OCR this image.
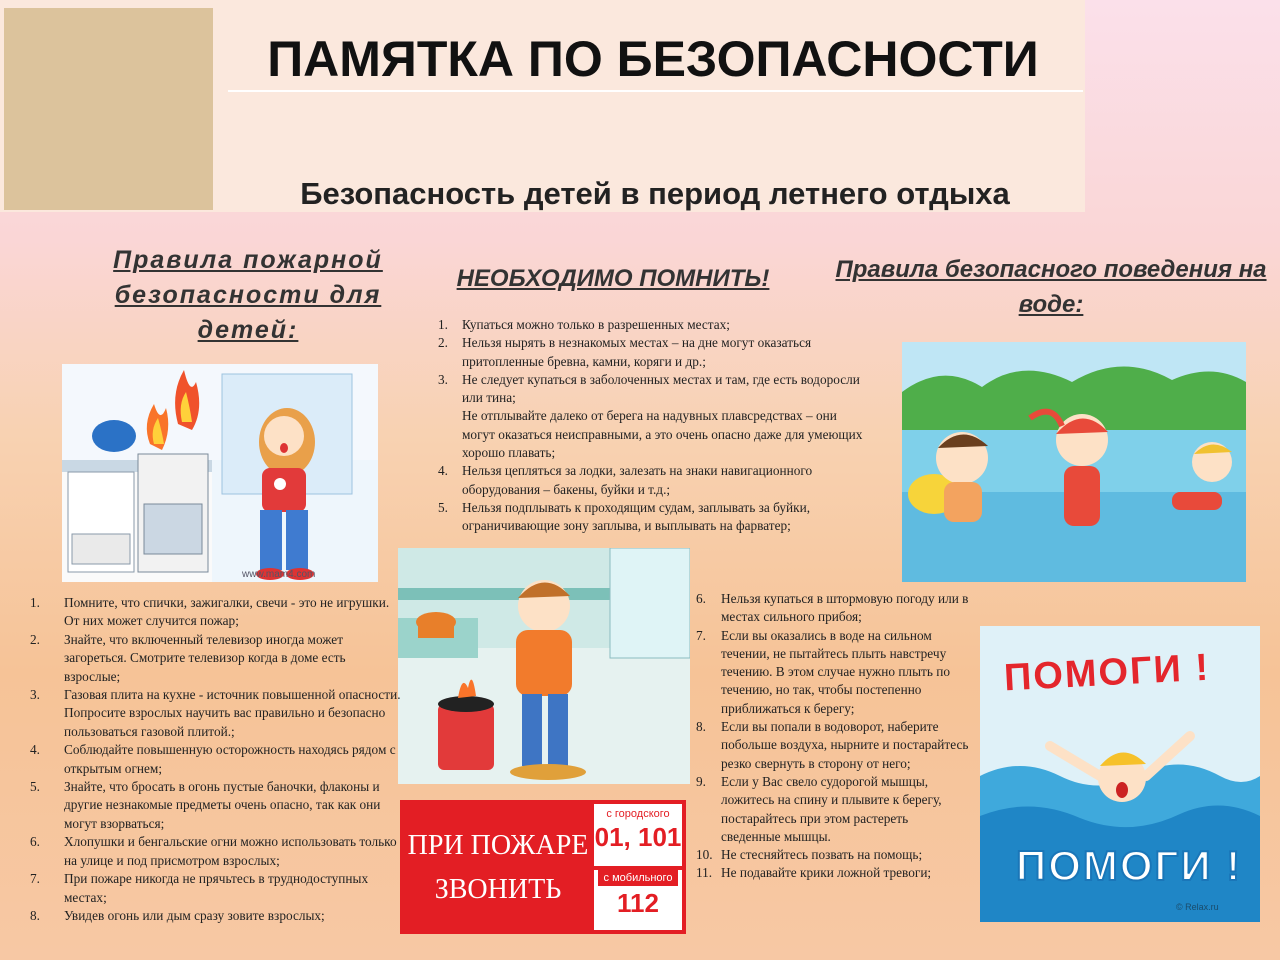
ПАМЯТКА ПО БЕЗОПАСНОСТИ
Безопасность детей в период летнего отдыха
Правила пожарной безопасности для детей:
НЕОБХОДИМО ПОМНИТЬ!	Правила безопасного поведения на воде:
www.mam4.com
1. Купаться можно только в разрешенных местах;
2. Нельзя нырять в незнакомых местах – на дне могут оказаться притопленные бревна, камни, коряги и др.;
3. Не следует купаться в заболоченных местах и там, где есть водоросли или тина;
Не отплывайте далеко от берега на надувных плавсредствах – они могут оказаться неисправными, а это очень опасно даже для умеющих хорошо плавать;
4. Нельзя цепляться за лодки, залезать на знаки навигационного оборудования – бакены, буйки и т.д.;
5. Нельзя подплывать к проходящим судам, заплывать за буйки, ограничивающие зону заплыва, и выплывать на фарватер;
ПРИ ПОЖАРЕ
ЗВОНИТЬ
с городского
01, 101
с мобильного
112
1. Помните, что спички, зажигалки, свечи - это не игрушки. От них может случится пожар;
2. Знайте, что включенный телевизор иногда может загореться. Смотрите телевизор когда в доме есть взрослые;
3. Газовая плита на кухне - источник повышенной опасности. Попросите взрослых научить вас правильно и безопасно пользоваться газовой плитой.;
4. Соблюдайте повышенную осторожность находясь рядом с открытым огнем;
5. Знайте, что бросать в огонь пустые баночки, флаконы и другие незнакомые предметы очень опасно, так как они могут взорваться;
6. Хлопушки и бенгальские огни можно использовать только на улице и под присмотром взрослых;
7. При пожаре никогда не прячьтесь в труднодоступных местах;
8. Увидев огонь или дым сразу зовите взрослых;
6. Нельзя купаться в штормовую погоду или в местах сильного прибоя;
7. Если вы оказались в воде на сильном течении, не пытайтесь плыть навстречу течению. В этом случае нужно плыть по течению, но так, чтобы постепенно приближаться к берегу;
8. Если вы попали в водоворот, наберите побольше воздуха, нырните и постарайтесь резко свернуть в сторону от него;
9. Если у Вас свело судорогой мышцы, ложитесь на спину и плывите к берегу, постарайтесь при этом растереть сведенные мышцы.
10. Не стесняйтесь позвать на помощь;
11. Не подавайте крики ложной тревоги;
ПОМОГИ !
ПОМОГИ !
© Relax.ru
